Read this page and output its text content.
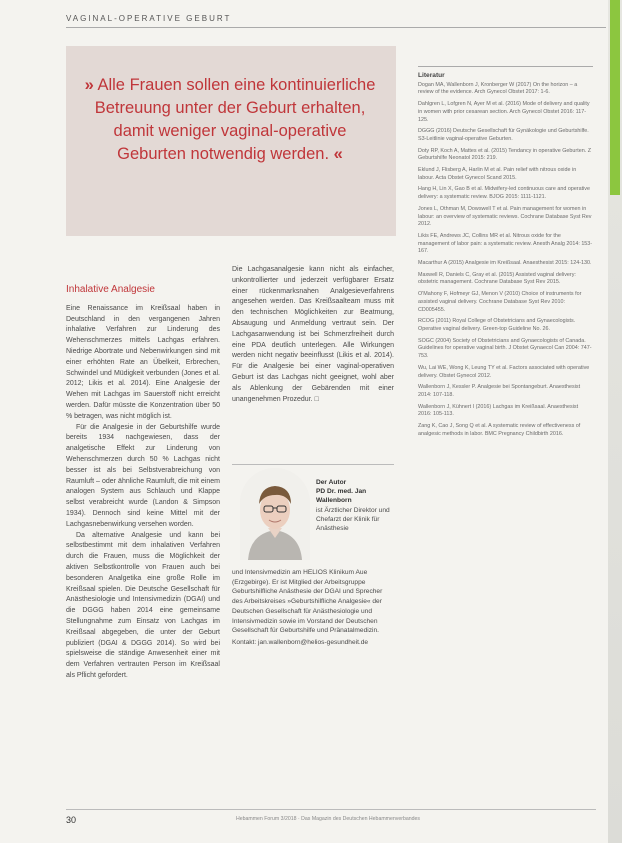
VAGINAL-OPERATIVE GEBURT
» Alle Frauen sollen eine kontinuierliche Betreuung unter der Geburt erhalten, damit weniger vaginal-operative Geburten notwendig werden. «
Inhalative Analgesie

Eine Renaissance im Kreißsaal haben in Deutschland in den vergangenen Jahren inhalative Verfahren zur Linderung des Wehenschmerzes mittels Lachgas erfahren. Niedrige Abortrate und Nebenwirkungen sind mit einer erhöhten Rate an Übelkeit, Erbrechen, Schwindel und Müdigkeit verbunden (Jones et al. 2012; Likis et al. 2014). Eine Analgesie der Wehen mit Lachgas im Sauerstoff nicht erreicht werden. Dafür müsste die Konzentration über 50 % betragen, was nicht möglich ist.

Für die Analgesie in der Geburtshilfe wurde bereits 1934 nachgewiesen, dass der analgetische Effekt zur Linderung von Wehenschmerzen durch 50 % Lachgas nicht besser ist als bei Selbstverabreichung von Raumluft – oder ähnliche Raumluft, die mit einem analogen System aus Schlauch und Klappe selbst verabreicht wurde (Landon & Simpson 1934). Dennoch sind keine Mittel mit der Lachgasnebenwirkung versehen worden.

Da alternative Analgesie und kann bei selbstbestimmt mit dem inhalativen Verfahren durch die Frauen, muss die Möglichkeit der aktiven Selbstkontrolle von Frauen auch bei besonderen Analgetika eine große Rolle im Kreißsaal spielen. Die Deutsche Gesellschaft für Anästhesiologie und Intensivmedizin (DGAI) und die DGGG haben 2014 eine gemeinsame Stellungnahme zum Einsatz von Lachgas im Kreißsaal abgegeben, die unter der Geburt publiziert (DGAI & DGGG 2014). So wird bei spielsweise die ständige Anwesenheit einer mit dem Verfahren vertrauten Person im Kreißsaal als Pflicht gefordert.

Die Lachgasanalgesie kann nicht als einfacher, unkontrollierter und jederzeit verfügbarer Ersatz einer rückenmarksnahen Analgesieverfahrens angesehen werden. Das Kreißsaalteam muss mit den technischen Möglichkeiten zur Beatmung, Absaugung und Anmeldung vertraut sein. Der Lachgasanwendung ist bei Schmerzfreiheit durch eine PDA deutlich unterlegen. Alle Wirkungen werden nicht negativ beeinflusst (Likis et al. 2014). Für die Analgesie bei einer vaginal-operativen Geburt ist das Lachgas nicht geeignet, wohl aber als Ablenkung der Gebärenden mit einer unangenehmen Prozedur. □

Der Autor
PD Dr. med. Jan Wallenborn
ist Ärztlicher Direktor und Chefarzt der Klinik für Anästhesie
und Intensivmedizin am HELIOS Klinikum Aue (Erzgebirge). Er ist Mitglied der Arbeitsgruppe Geburtshilfliche Anästhesie der DGAI und Sprecher des Arbeitskreises »Geburtshilfliche Analgesie« der Deutschen Gesellschaft für Anästhesiologie und Intensivmedizin sowie im Vorstand der Deutschen Gesellschaft für Geburtshilfe und Pränatalmedizin.
Kontakt: jan.wallenborn@helios-gesundheit.de
Literatur

Dogan MA, Wallenborn J, Kronberger W (2017) On the horizon – a review of the evidence. Arch Gynecol Obstet 2017: 1-6.

Dahlgren L, Lofgren N, Ayer M et al. (2016) Mode of delivery and quality in women with prior cesarean section. Arch Gynecol Obstet 2016: 117-125.

DGGG (2016) Deutsche Gesellschaft für Gynäkologie und Geburtshilfe. S3-Leitlinie vaginal-operative Geburten.

Doty RP, Koch A, Mattes et al. (2015) Tendancy in operative Geburten. Z Geburtshilfe Neonatol 2015: 219.

Eklund J, Flisberg A, Harlin M et al. Pain relief with nitrous oxide in labour. Acta Obstet Gynecol Scand 2015.

Hang H, Lin X, Gao B et al. Midwifery-led continuous care and operative delivery: a systematic review. BJOG 2015: 1111-1121.

Jones L, Othman M, Dowswell T et al. Pain management for women in labour: an overview of systematic reviews. Cochrane Database Syst Rev 2012.

Likis FE, Andrews JC, Collins MR et al. Nitrous oxide for the management of labor pain: a systematic review. Anesth Analg 2014: 153-167.

Macarthur A (2015) Analgesie im Kreißsaal. Anaesthesist 2015: 124-130.

Maxwell R, Daniels C, Gray et al. (2015) Assisted vaginal delivery: obstetric management. Cochrane Database Syst Rev 2015.

O'Mahony F, Hofmeyr GJ, Menon V (2010) Choice of instruments for assisted vaginal delivery. Cochrane Database Syst Rev 2010: CD005455.

RCOG (2011) Royal College of Obstetricians and Gynaecologists. Operative vaginal delivery. Green-top Guideline No. 26.

SOGC (2004) Society of Obstetricians and Gynaecologists of Canada. Guidelines for operative vaginal birth. J Obstet Gynaecol Can 2004: 747-753.

Wu, Lai WE, Wong K, Leung TY et al. Factors associated with operative delivery. Obstet Gynecol 2012.

Wallenborn J, Kessler P. Analgesie bei Spontangeburt. Anaesthesist 2014: 107-118.

Wallenborn J, Kühnert I (2016) Lachgas im Kreißsaal. Anaesthesist 2016: 105-113.

Zang K, Cao J, Song Q et al. A systematic review of effectiveness of analgesic methods in labor. BMC Pregnancy Childbirth 2016.

30	Hebammen Forum 3/2018 · Das Magazin des Deutschen Hebammenverbandes
